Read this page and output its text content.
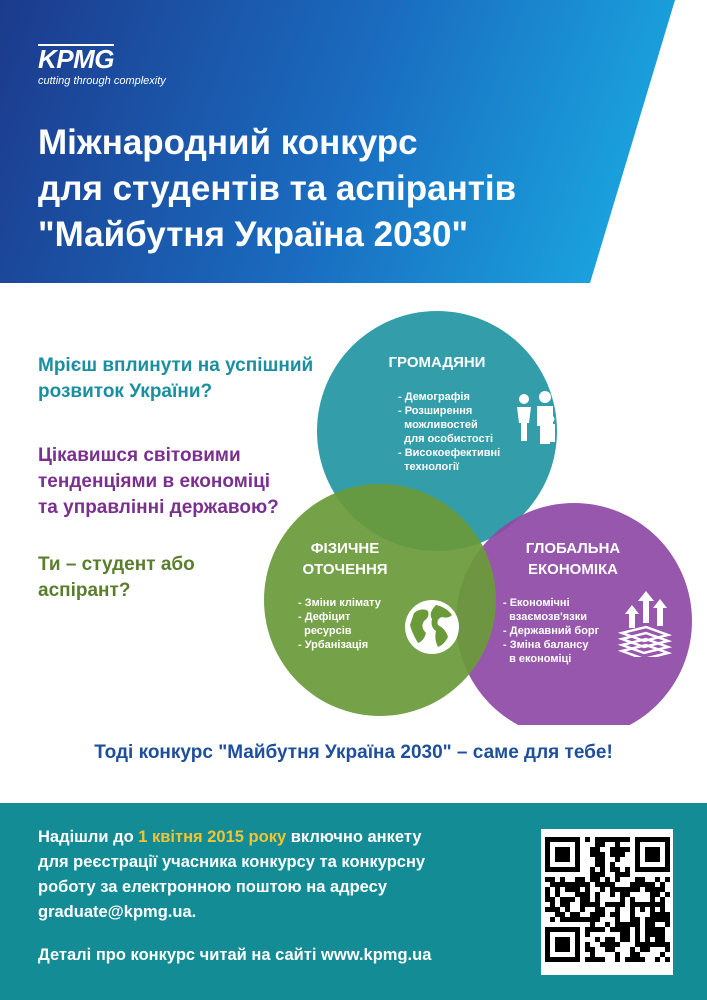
KPMG
cutting through complexity
Міжнародний конкурс
для студентів та аспірантів
"Майбутня Україна 2030"
Мрієш вплинути на успішний
розвиток України?
Цікавишся світовими
тенденціями в економіці
та управлінні державою?
Ти – студент або
аспірант?
ГРОМАДЯНИ
- Демографія
- Розширення
можливостей
для особистості
- Високоефективні
технології
ФІЗИЧНЕ
ОТОЧЕННЯ
- Зміни клімату
- Дефіцит
ресурсів
- Урбанізація
ГЛОБАЛЬНА
ЕКОНОМІКА
- Економічні
взаємозв'язки
- Державний борг
- Зміна балансу
в економіці
Тоді конкурс "Майбутня Україна 2030" – саме для тебе!
Надішли до 1 квітня 2015 року включно анкету
для реєстрації учасника конкурсу та конкурсну
роботу за електронною поштою на адресу
graduate@kpmg.ua.
Деталі про конкурс читай на сайті www.kpmg.ua
